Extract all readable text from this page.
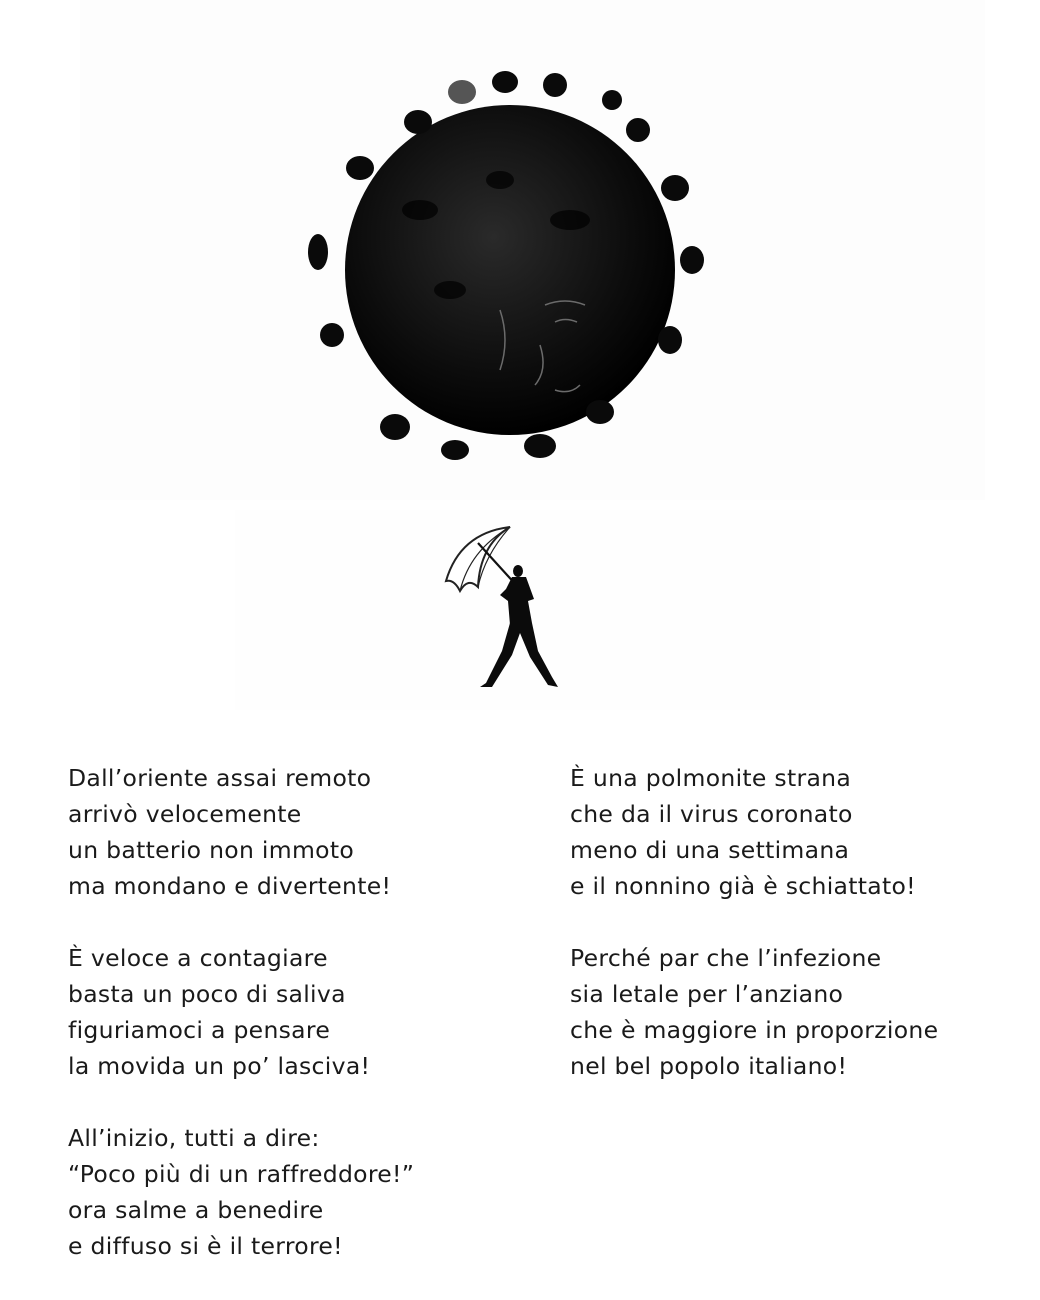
Dall’oriente assai remoto
arrivò velocemente
un batterio non immoto
ma mondano e divertente!
È veloce a contagiare
basta un poco di saliva
figuriamoci a pensare
la movida un po’ lasciva!
All’inizio, tutti a dire:
“Poco più di un raffreddore!”
ora salme a benedire
e diffuso si è il terrore!
È una polmonite strana
che da il virus coronato
meno di una settimana
e il nonnino già è schiattato!
Perché par che l’infezione
sia letale per l’anziano
che è maggiore in proporzione
nel bel popolo italiano!
